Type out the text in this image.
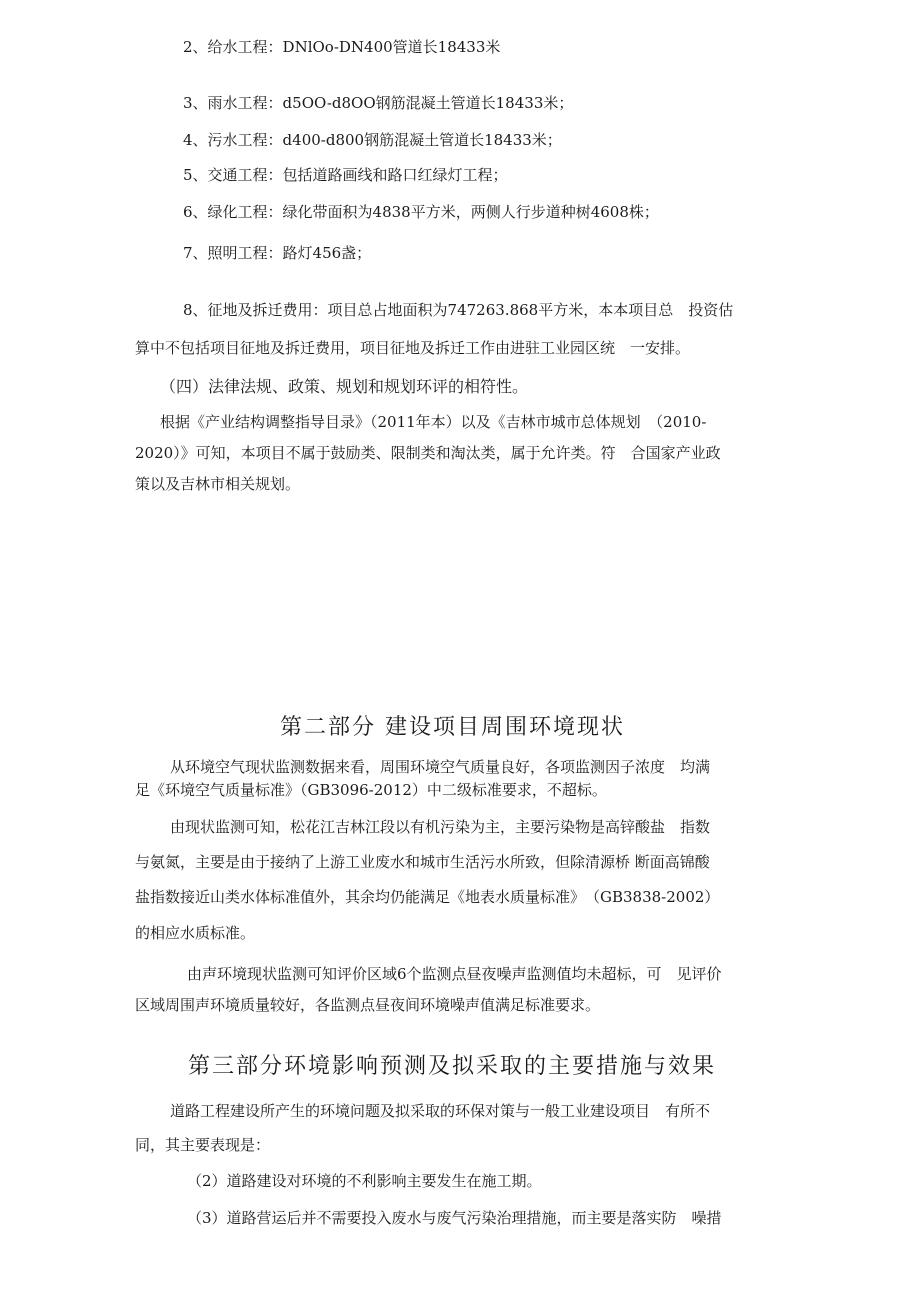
2、给水工程：DNlOo-DN400管道长18433米
3、雨水工程：d5OO-d8OO钢筋混凝土管道长18433米；
4、污水工程：d400-d800钢筋混凝土管道长18433米；
5、交通工程：包括道路画线和路口红绿灯工程；
6、绿化工程：绿化带面积为4838平方米，两侧人行步道种树4608株；
7、照明工程：路灯456盏；
8、征地及拆迁费用：项目总占地面积为747263.868平方米，本本项目总　投资估
算中不包括项目征地及拆迁费用，项目征地及拆迁工作由进驻工业园区统　一安排。
（四）法律法规、政策、规划和规划环评的相符性。
根据《产业结构调整指导目录》（2011年本）以及《吉林市城市总体规划　（2010-
2020）》可知，本项目不属于鼓励类、限制类和淘汰类，属于允许类。符　合国家产业政
策以及吉林市相关规划。
第二部分 建设项目周围环境现状
从环境空气现状监测数据来看，周围环境空气质量良好，各项监测因子浓度　均满
足《环境空气质量标准》（GB3096-2012）中二级标准要求，不超标。
由现状监测可知，松花江吉林江段以有机污染为主，主要污染物是高锌酸盐　指数
与氨氮，主要是由于接纳了上游工业废水和城市生活污水所致，但除清源桥 断面高锦酸
盐指数接近山类水体标准值外，其余均仍能满足《地表水质量标准》　（GB3838-2002）
的相应水质标准。
由声环境现状监测可知评价区域6个监测点昼夜噪声监测值均未超标，可　见评价
区域周围声环境质量较好，各监测点昼夜间环境噪声值满足标准要求。
第三部分环境影响预测及拟采取的主要措施与效果
道路工程建设所产生的环境问题及拟采取的环保对策与一般工业建设项目　有所不
同，其主要表现是：
（2）道路建设对环境的不利影响主要发生在施工期。
（3）道路营运后并不需要投入废水与废气污染治理措施，而主要是落实防　噪措
